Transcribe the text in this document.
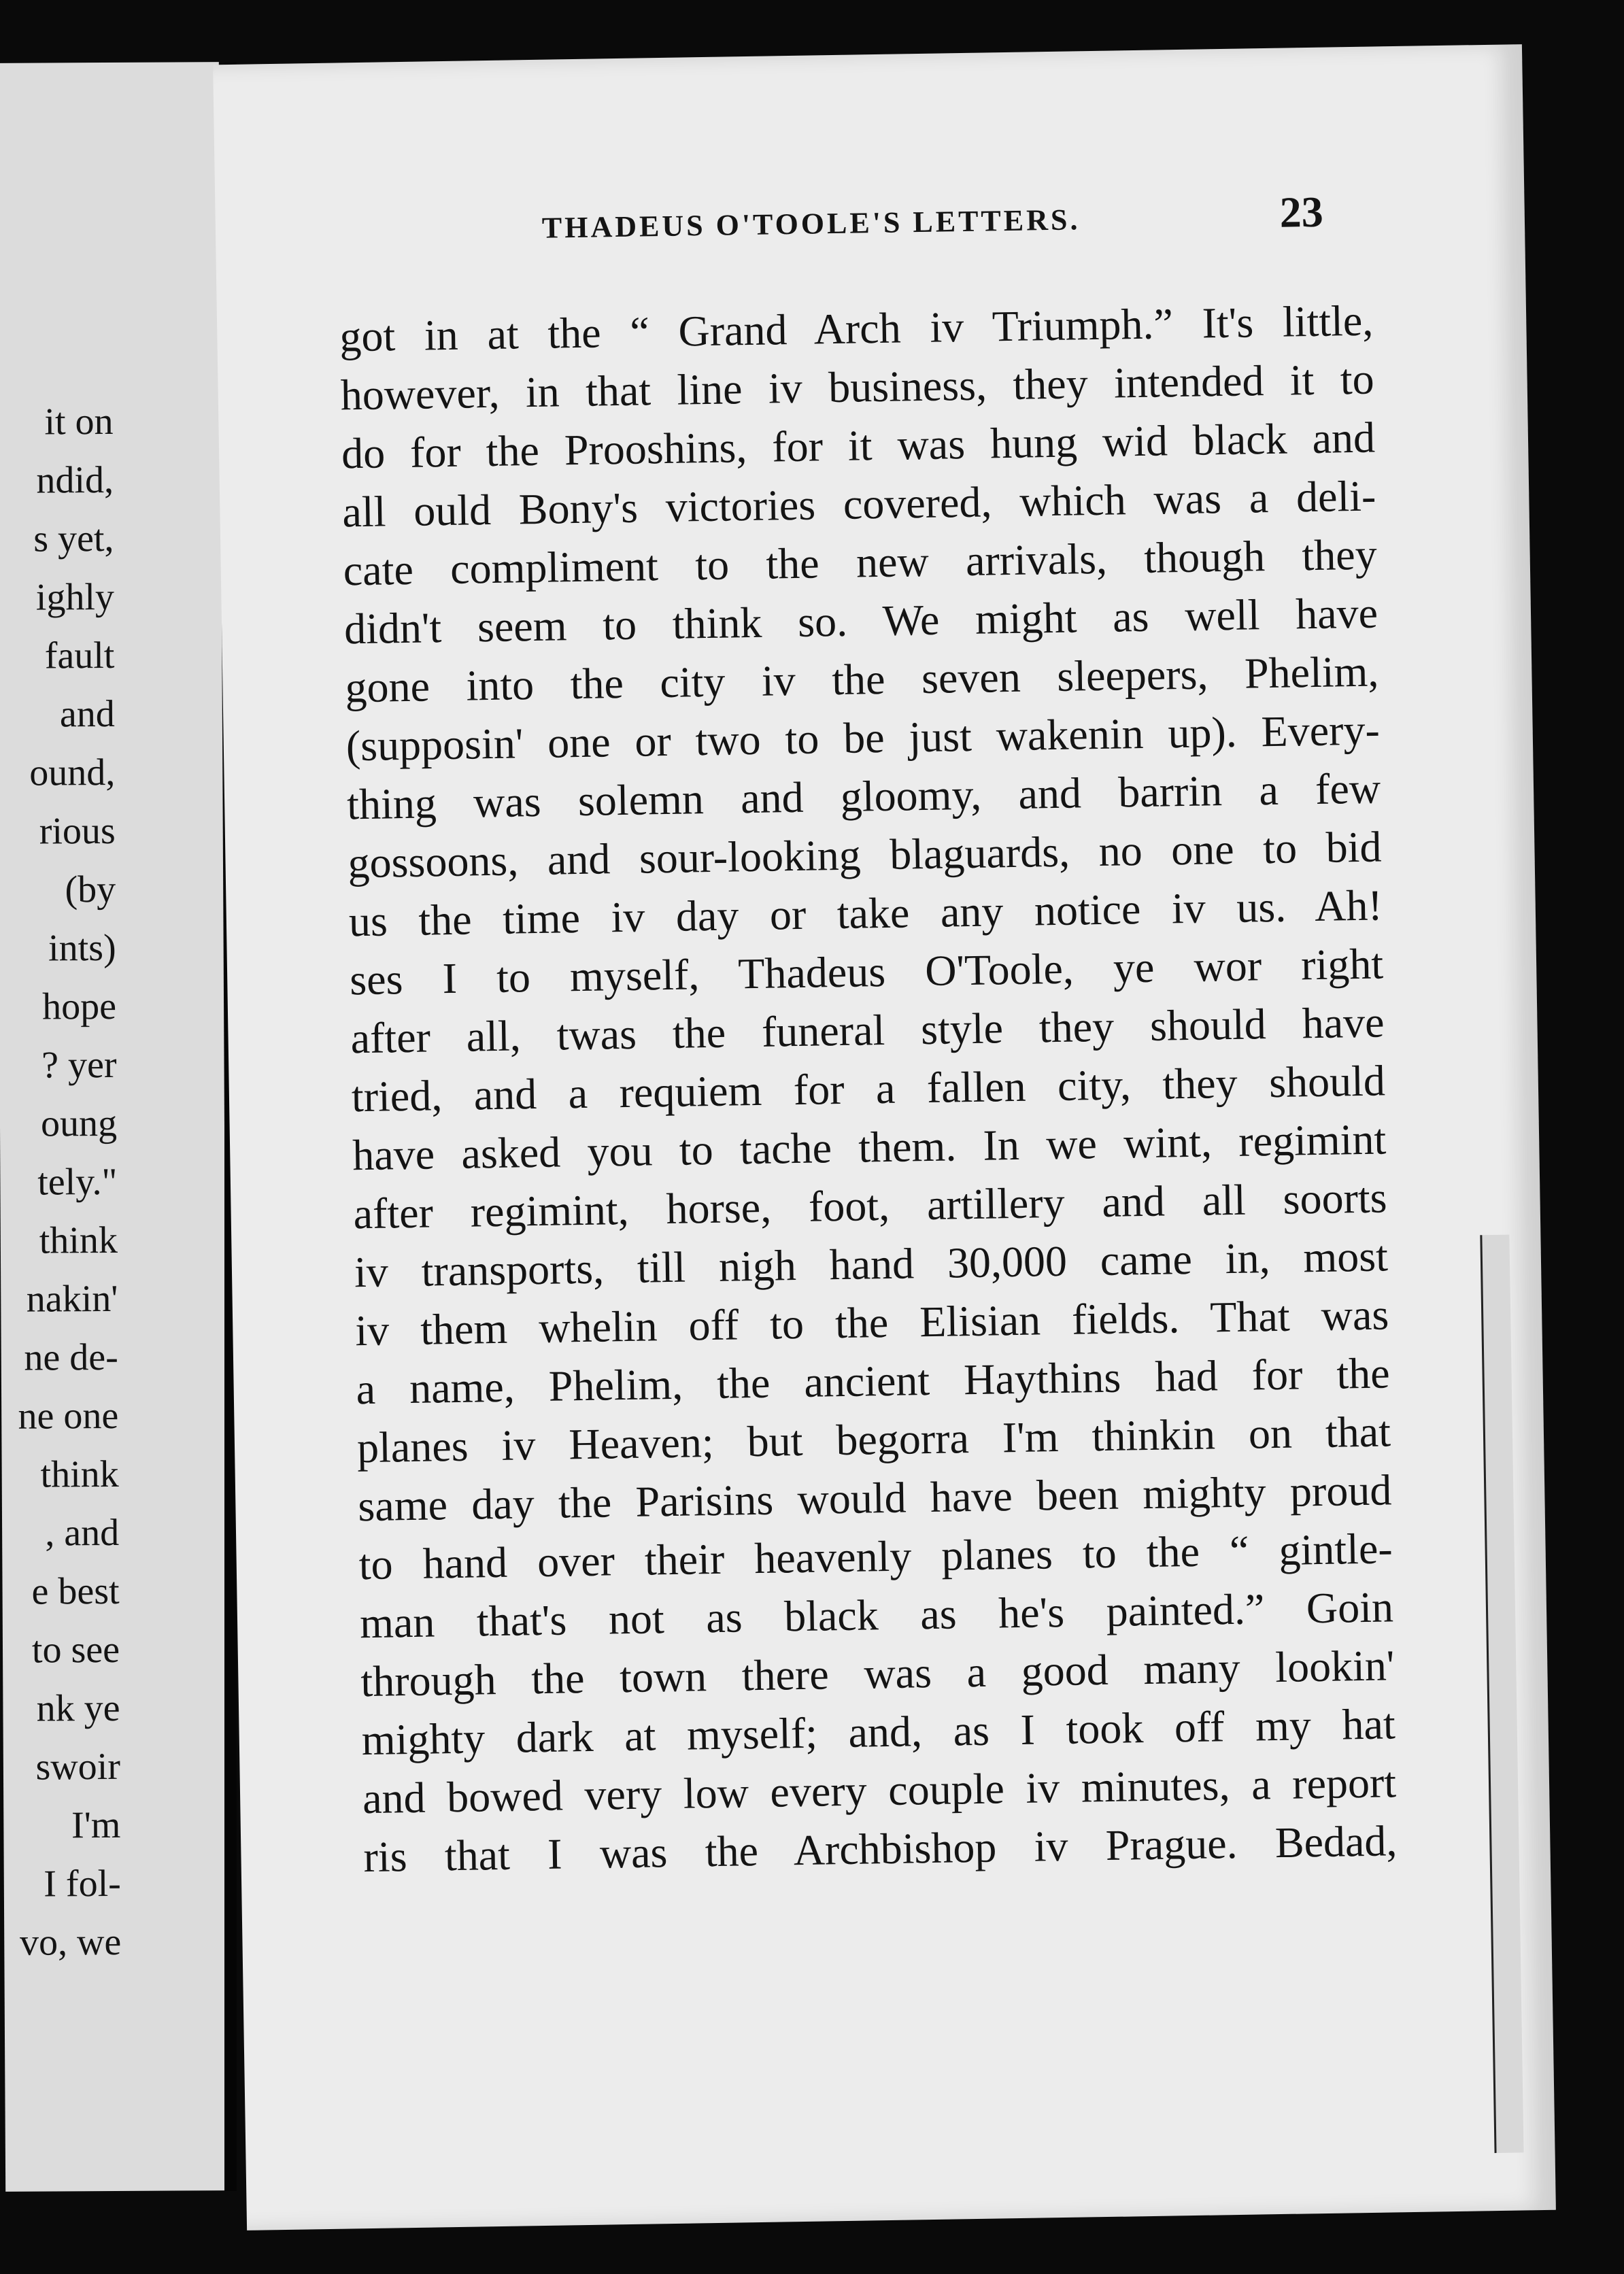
it on
ndid,
s yet,
ighly
fault
and
ound,
rious
(by
ints)
hope
? yer
oung
tely."
think
nakin'
ne de-
ne one
think
, and
e best
to see
nk ye
swoir
I'm
I fol-
vo, we
THADEUS O'TOOLE'S LETTERS.	23
got in at the “ Grand Arch iv Triumph.” It's little,
however, in that line iv business, they intended it to
do for the Prooshins, for it was hung wid black and
all ould Bony's victories covered, which was a deli-
cate compliment to the new arrivals, though they
didn't seem to think so. We might as well have
gone into the city iv the seven sleepers, Phelim,
(supposin' one or two to be just wakenin up). Every-
thing was solemn and gloomy, and barrin a few
gossoons, and sour-looking blaguards, no one to bid
us the time iv day or take any notice iv us. Ah!
ses I to myself, Thadeus O'Toole, ye wor right
after all, twas the funeral style they should have
tried, and a requiem for a fallen city, they should
have asked you to tache them. In we wint, regimint
after regimint, horse, foot, artillery and all soorts
iv transports, till nigh hand 30,000 came in, most
iv them whelin off to the Elisian fields. That was
a name, Phelim, the ancient Haythins had for the
planes iv Heaven; but begorra I'm thinkin on that
same day the Parisins would have been mighty proud
to hand over their heavenly planes to the “ gintle-
man that's not as black as he's painted.” Goin
through the town there was a good many lookin'
mighty dark at myself; and, as I took off my hat
and bowed very low every couple iv minutes, a report
ris that I was the Archbishop iv Prague. Bedad,
